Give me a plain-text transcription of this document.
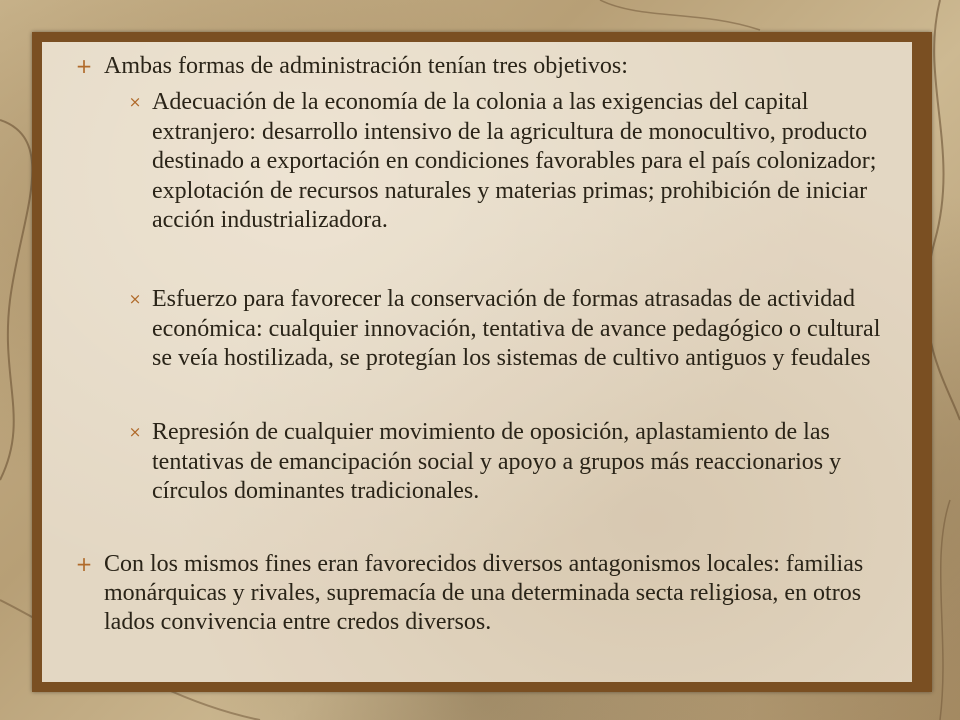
+ Ambas formas de administración tenían tres objetivos:
× Adecuación de la economía de la colonia a las exigencias del capital extranjero: desarrollo intensivo de la agricultura de monocultivo, producto destinado a exportación en condiciones favorables para el país colonizador; explotación de recursos naturales y materias primas; prohibición de iniciar acción industrializadora.
× Esfuerzo para favorecer la conservación de formas atrasadas de actividad económica: cualquier innovación, tentativa de avance pedagógico o cultural se veía hostilizada, se protegían los sistemas de cultivo antiguos y feudales
× Represión de cualquier movimiento de oposición, aplastamiento de las tentativas de emancipación social y apoyo a grupos más reaccionarios y círculos dominantes tradicionales.
+ Con los mismos fines eran favorecidos diversos antagonismos locales: familias monárquicas y rivales, supremacía de una determinada secta religiosa, en otros lados convivencia entre credos diversos.
